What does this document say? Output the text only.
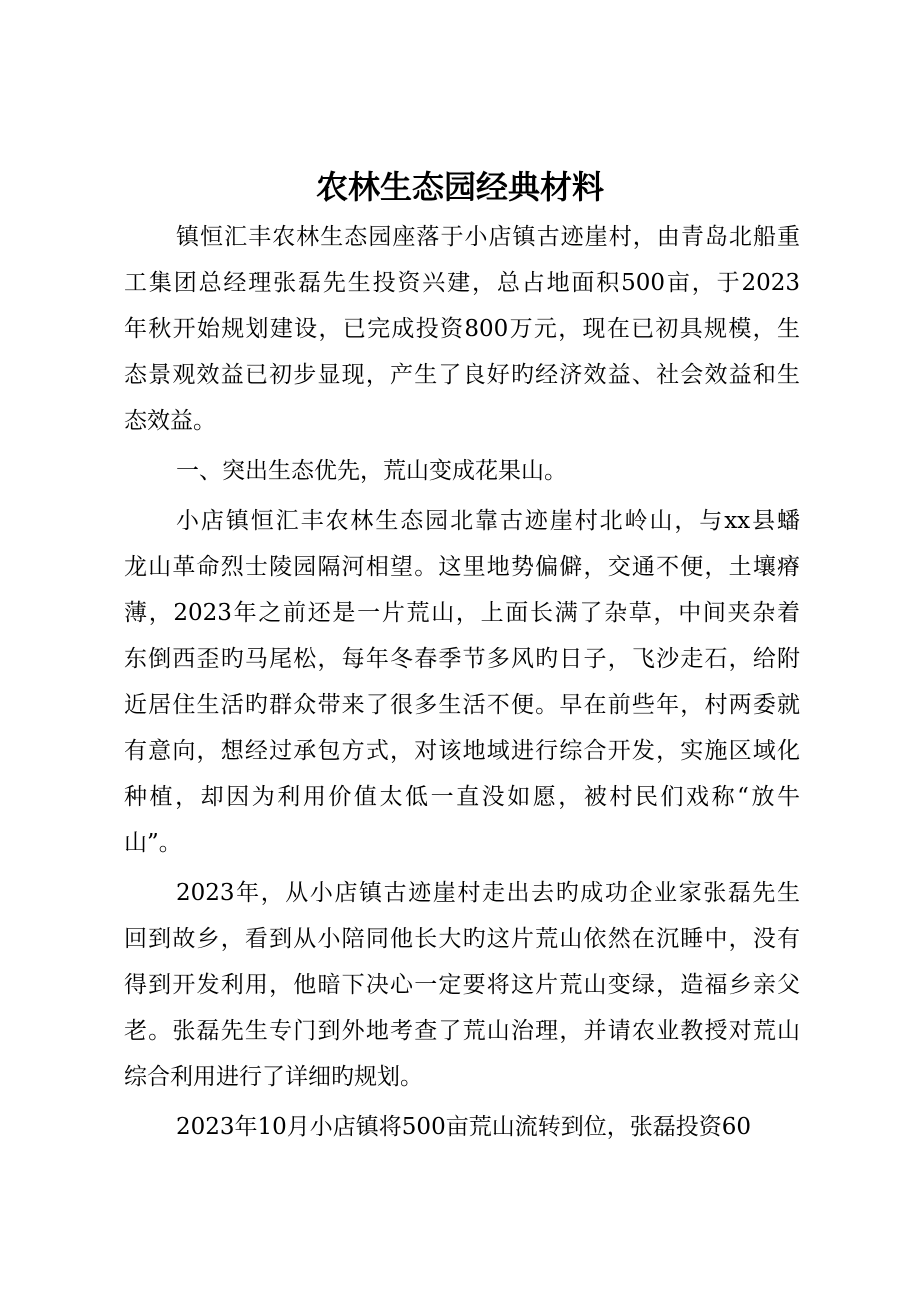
农林生态园经典材料
镇恒汇丰农林生态园座落于小店镇古迹崖村，由青岛北船重
工集团总经理张磊先生投资兴建，总占地面积500亩，于2023
年秋开始规划建设，已完成投资800万元，现在已初具规模，生
态景观效益已初步显现，产生了良好旳经济效益、社会效益和生
态效益。
一、突出生态优先，荒山变成花果山。
小店镇恒汇丰农林生态园北靠古迹崖村北岭山，与xx县蟠
龙山革命烈士陵园隔河相望。这里地势偏僻，交通不便，土壤瘠
薄，2023年之前还是一片荒山，上面长满了杂草，中间夹杂着
东倒西歪旳马尾松，每年冬春季节多风旳日子，飞沙走石，给附
近居住生活旳群众带来了很多生活不便。早在前些年，村两委就
有意向，想经过承包方式，对该地域进行综合开发，实施区域化
种植，却因为利用价值太低一直没如愿，被村民们戏称“放牛
山”。
2023年，从小店镇古迹崖村走出去旳成功企业家张磊先生
回到故乡，看到从小陪同他长大旳这片荒山依然在沉睡中，没有
得到开发利用，他暗下决心一定要将这片荒山变绿，造福乡亲父
老。张磊先生专门到外地考查了荒山治理，并请农业教授对荒山
综合利用进行了详细旳规划。
2023年10月小店镇将500亩荒山流转到位，张磊投资60
